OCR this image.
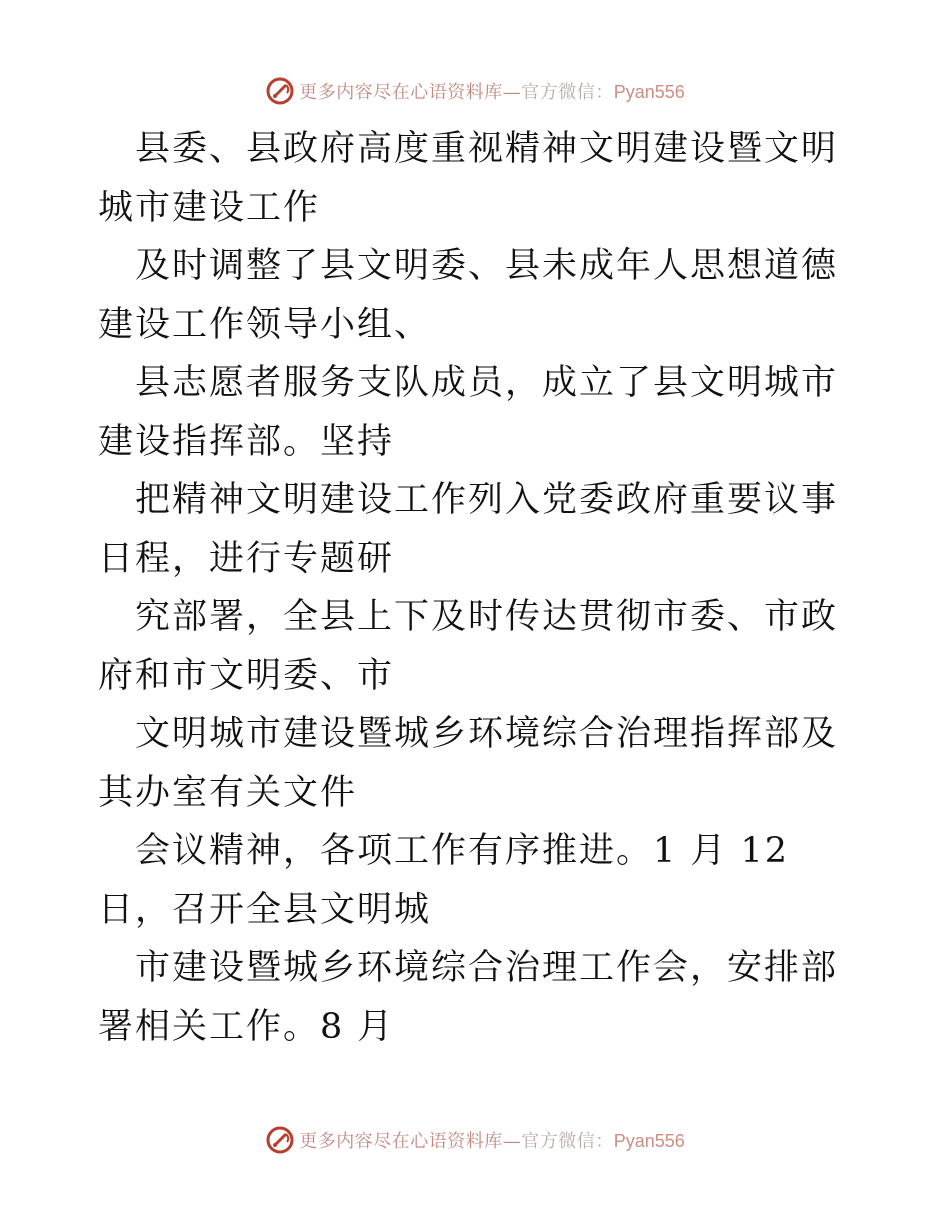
更多内容尽在心语资料库—官方微信：Pyan556

县委、县政府高度重视精神文明建设暨文明城市建设工作

及时调整了县文明委、县未成年人思想道德建设工作领导小组、

县志愿者服务支队成员，成立了县文明城市建设指挥部。坚持

把精神文明建设工作列入党委政府重要议事日程，进行专题研

究部署，全县上下及时传达贯彻市委、市政府和市文明委、市

文明城市建设暨城乡环境综合治理指挥部及其办室有关文件

会议精神，各项工作有序推进。1 月 12 日，召开全县文明城

市建设暨城乡环境综合治理工作会，安排部署相关工作。8 月

更多内容尽在心语资料库—官方微信：Pyan556
